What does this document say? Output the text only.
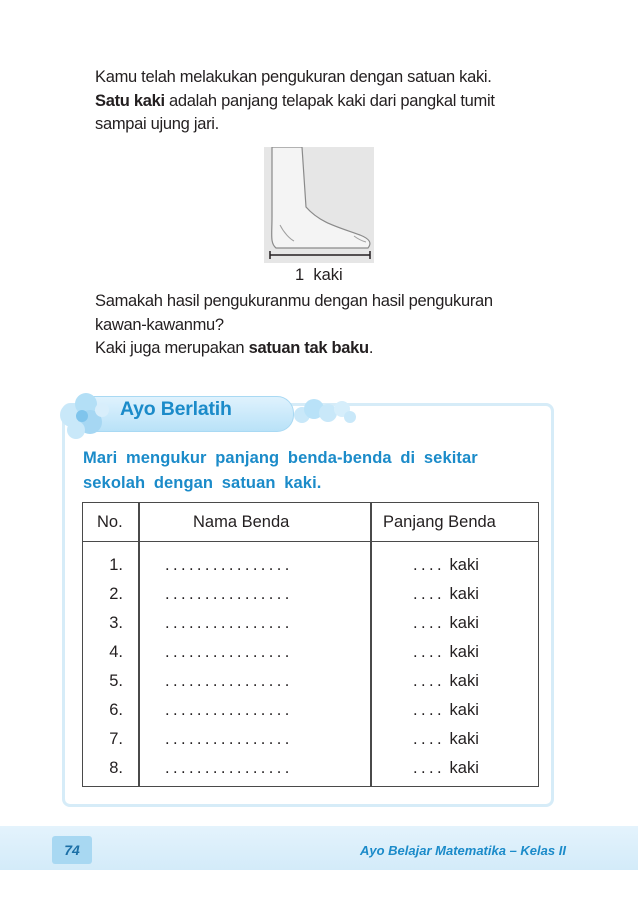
Kamu telah melakukan pengukuran dengan satuan kaki.

Satu kaki adalah panjang telapak kaki dari pangkal tumit

sampai ujung jari.

1  kaki

Samakah hasil pengukuranmu dengan hasil pengukuran

kawan-kawanmu?

Kaki juga merupakan satuan tak baku.

Ayo Berlatih

Mari mengukur panjang benda-benda di sekitar

sekolah dengan satuan kaki.

No.	Nama Benda	Panjang Benda
1.	................	.... kaki
2.	................	.... kaki
3.	................	.... kaki
4.	................	.... kaki
5.	................	.... kaki
6.	................	.... kaki
7.	................	.... kaki
8.	................	.... kaki
74	Ayo Belajar Matematika – Kelas II
